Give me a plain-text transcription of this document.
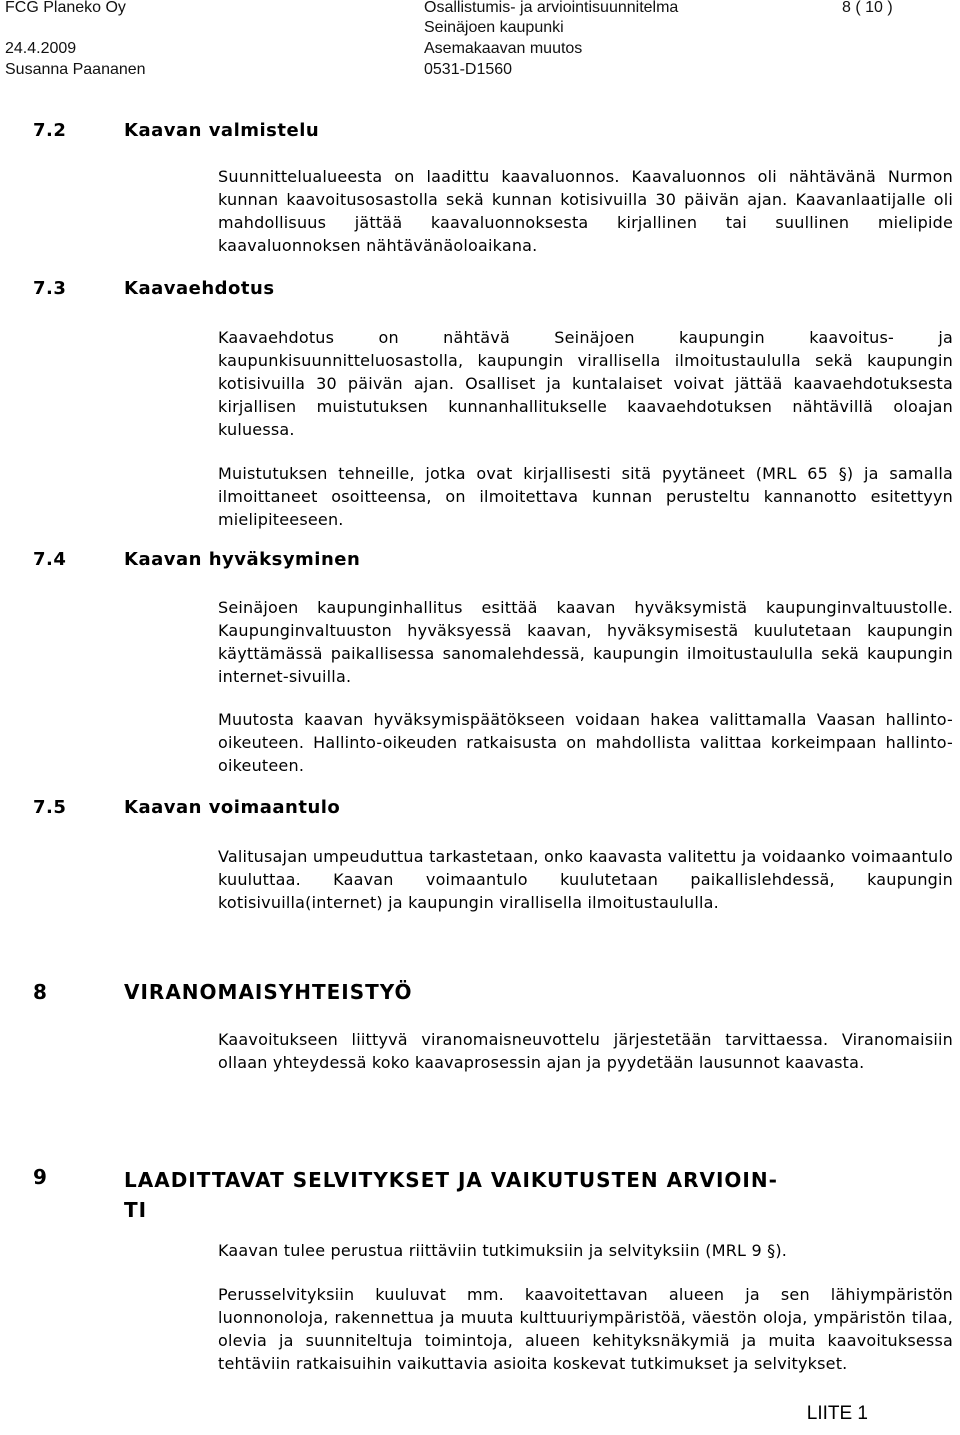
FCG Planeko Oy
24.4.2009
Susanna Paananen
Osallistumis- ja arviointisuunnitelma
Seinäjoen kaupunki
Asemakaavan muutos
0531-D1560
8 ( 10 )
7.2	Kaavan valmistelu
Suunnittelualueesta on laadittu kaavaluonnos. Kaavaluonnos oli nähtävänä Nurmon kunnan kaavoitusosastolla sekä kunnan kotisivuilla 30 päivän ajan. Kaavanlaatijalle oli mahdollisuus jättää kaavaluonnoksesta kirjallinen tai suullinen mielipide kaavaluonnoksen nähtävänäoloaikana.
7.3	Kaavaehdotus
Kaavaehdotus on nähtävä Seinäjoen kaupungin kaavoitus- ja kaupunkisuunnitteluosastolla, kaupungin virallisella ilmoitustaululla sekä kaupungin kotisivuilla 30 päivän ajan. Osalliset ja kuntalaiset voivat jättää kaavaehdotuksesta kirjallisen muistutuksen kunnanhallitukselle kaavaehdotuksen nähtävillä oloajan kuluessa.
Muistutuksen tehneille, jotka ovat kirjallisesti sitä pyytäneet (MRL 65 §) ja samalla ilmoittaneet osoitteensa, on ilmoitettava kunnan perusteltu kannanotto esitettyyn mielipiteeseen.
7.4	Kaavan hyväksyminen
Seinäjoen kaupunginhallitus esittää kaavan hyväksymistä kaupunginvaltuustolle. Kaupunginvaltuuston hyväksyessä kaavan, hyväksymisestä kuulutetaan kaupungin käyttämässä paikallisessa sanomalehdessä, kaupungin ilmoitustaululla sekä kaupungin internet-sivuilla.
Muutosta kaavan hyväksymispäätökseen voidaan hakea valittamalla Vaasan hallinto-oikeuteen. Hallinto-oikeuden ratkaisusta on mahdollista valittaa korkeimpaan hallinto-oikeuteen.
7.5	Kaavan voimaantulo
Valitusajan umpeuduttua tarkastetaan, onko kaavasta valitettu ja voidaanko voimaantulo kuuluttaa. Kaavan voimaantulo kuulutetaan paikallislehdessä, kaupungin kotisivuilla(internet) ja kaupungin virallisella ilmoitustaululla.
8	VIRANOMAISYHTEISTYÖ
Kaavoitukseen liittyvä viranomaisneuvottelu järjestetään tarvittaessa. Viranomaisiin ollaan yhteydessä koko kaavaprosessin ajan ja pyydetään lausunnot kaavasta.
9	LAADITTAVAT SELVITYKSET JA VAIKUTUSTEN ARVIOIN-
TI
Kaavan tulee perustua riittäviin tutkimuksiin ja selvityksiin (MRL 9 §).
Perusselvityksiin kuuluvat mm. kaavoitettavan alueen ja sen lähiympäristön luonnonoloja, rakennettua ja muuta kulttuuriympäristöä, väestön oloja, ympäristön tilaa, olevia ja suunniteltuja toimintoja, alueen kehityksnäkymiä ja muita kaavoituksessa tehtäviin ratkaisuihin vaikuttavia asioita koskevat tutkimukset ja selvitykset.
LIITE 1
